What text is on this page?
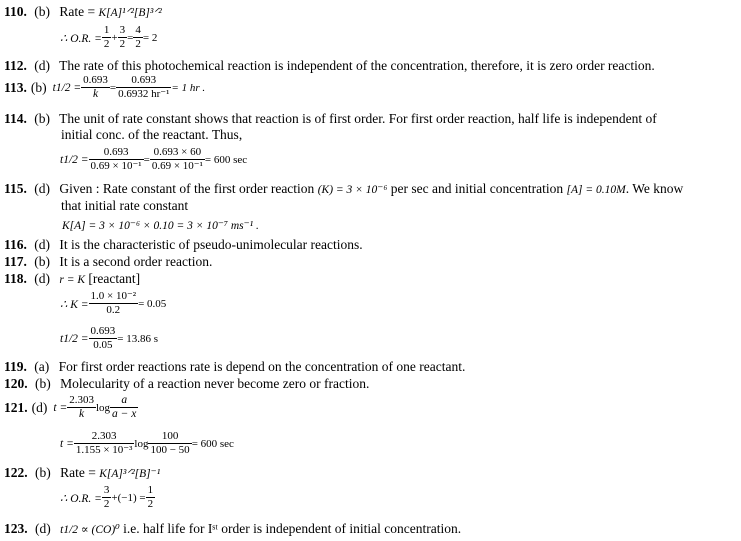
110. (b) Rate = K[A]¹ᐟ²[B]³ᐟ²
∴ O.R. = $\frac{1}{2} + \frac{3}{2} = \frac{4}{2} = 2$
112. (d) The rate of this photochemical reaction is independent of the concentration, therefore, it is zero order reaction.
113. (b) $t1/2 = \frac{0.693}{k} = \frac{0.693}{\text{0.6932 hr⁻¹}} = 1$ hr .
114. (b) The unit of rate constant shows that reaction is of first order. For first order reaction, half life is independent of
initial conc. of the reactant. Thus,
$t1/2 = \frac{0.693}{\text{0.69 × 10⁻¹}} = \frac{0.693 \times 60}{\text{0.69 × 10⁻¹}} = 600$ sec
115. (d) Given : Rate constant of the first order reaction (K) = 3 × 10⁻⁶ per sec and initial concentration [A] = 0.10M. We know
that initial rate constant
K[A] = 3 × 10⁻⁶ × 0.10 = 3 × 10⁻⁷ ms⁻¹ .
116. (d) It is the characteristic of pseudo-unimolecular reactions.
117. (b) It is a second order reaction.
118. (d) r = K [reactant]
∴ $K = \frac{\text{1.0 × 10⁻²}}{0.2} = 0.05$
$t1/2 = \frac{0.693}{0.05} = 13.86$ s
119. (a) For first order reactions rate is depend on the concentration of one reactant.
120. (b) Molecularity of a reaction never become zero or fraction.
121. (d) $t = \frac{2.303}{k}$ $\log \frac{a}{a - x}$
$t = \frac{2.303}{\text{1.155 × 10⁻³}}$ $\log \frac{100}{100 - 50} = 600$ sec
122. (b) Rate = K[A]³ᐟ²[B]⁻¹
∴ O.R. = $\frac{3}{2} +(-1) = \frac{1}{2}$
123. (d) t1/2 ∝ (CO)⁰ i.e. half life for Iˢᵗ order is independent of initial concentration.
